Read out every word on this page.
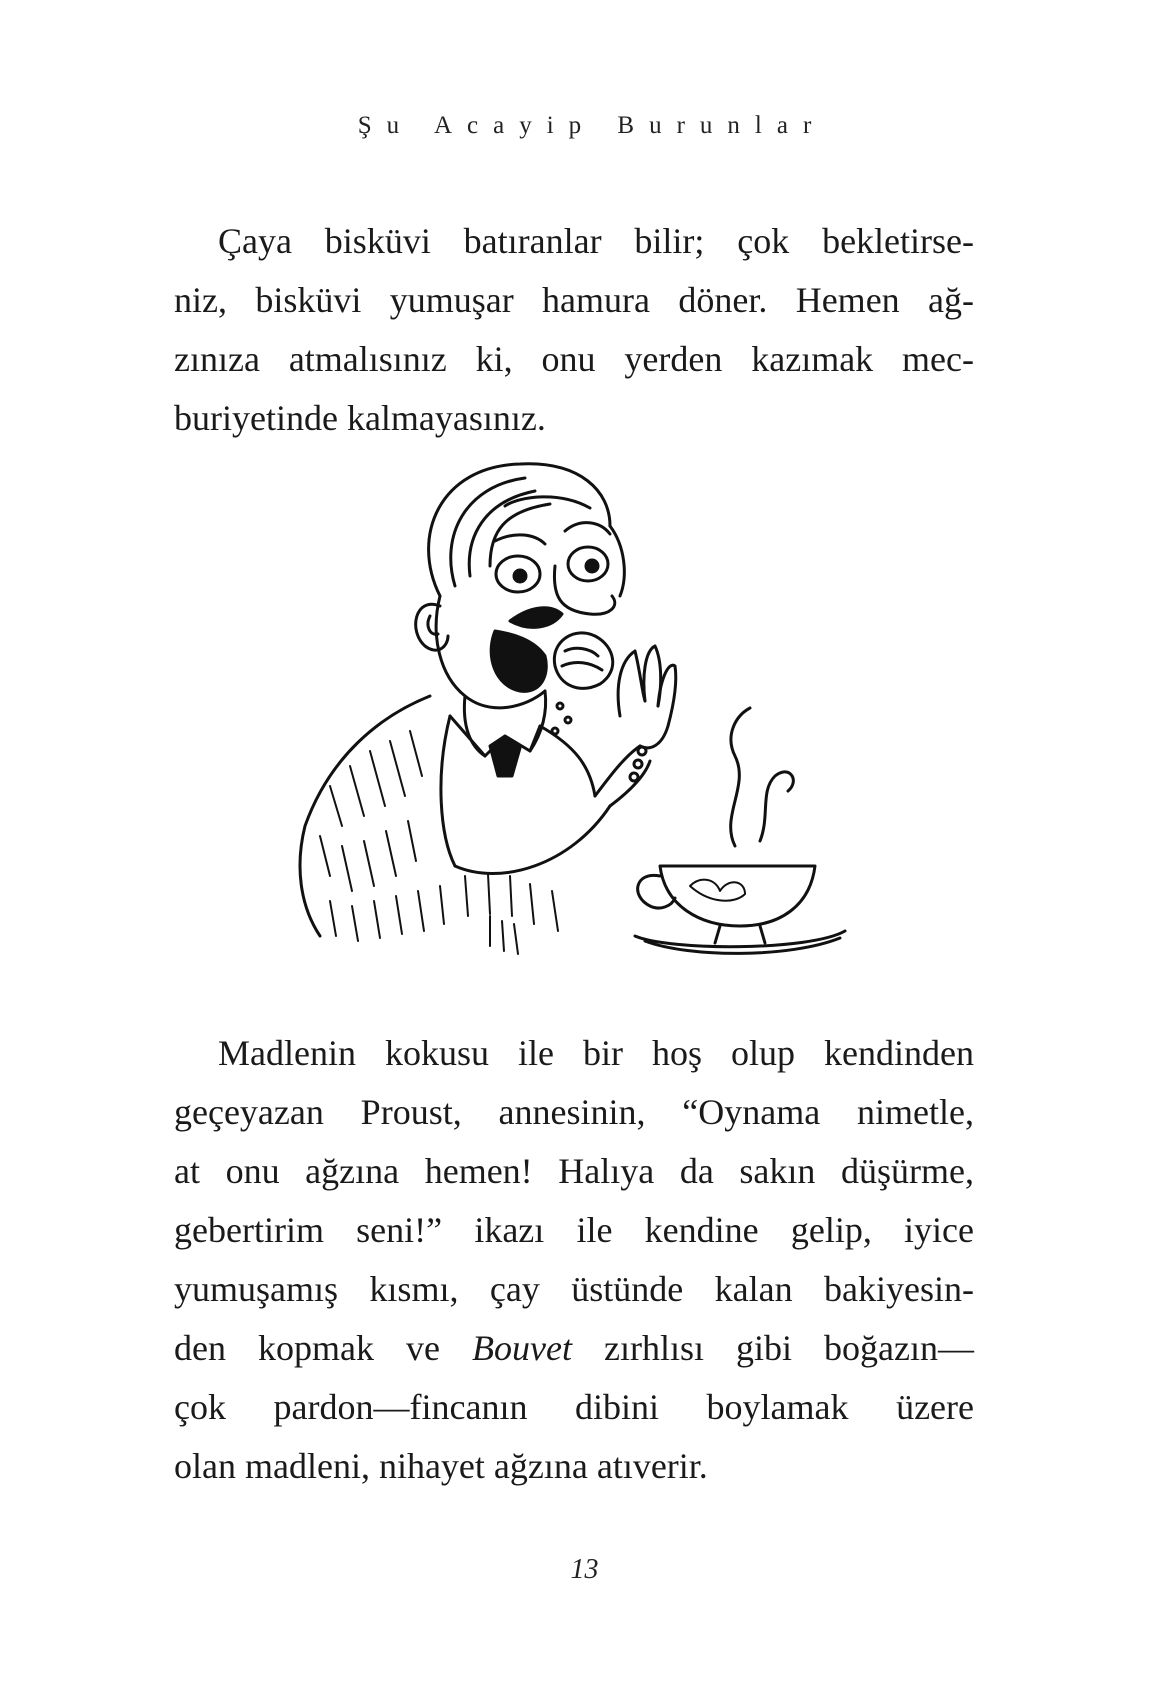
Şu Acayip Burunlar

Çaya bisküvi batıranlar bilir; çok bekletirse-
niz, bisküvi yumuşar hamura döner. Hemen ağ-
zınıza atmalısınız ki, onu yerden kazımak mec-
buriyetinde kalmayasınız.

Madlenin kokusu ile bir hoş olup kendinden
geçeyazan Proust, annesinin, “Oynama nimetle,
at onu ağzına hemen! Halıya da sakın düşürme,
gebertirim seni!” ikazı ile kendine gelip, iyice
yumuşamış kısmı, çay üstünde kalan bakiyesin-
den kopmak ve Bouvet zırhlısı gibi boğazın—
çok pardon—fincanın dibini boylamak üzere
olan madleni, nihayet ağzına atıverir.

13
